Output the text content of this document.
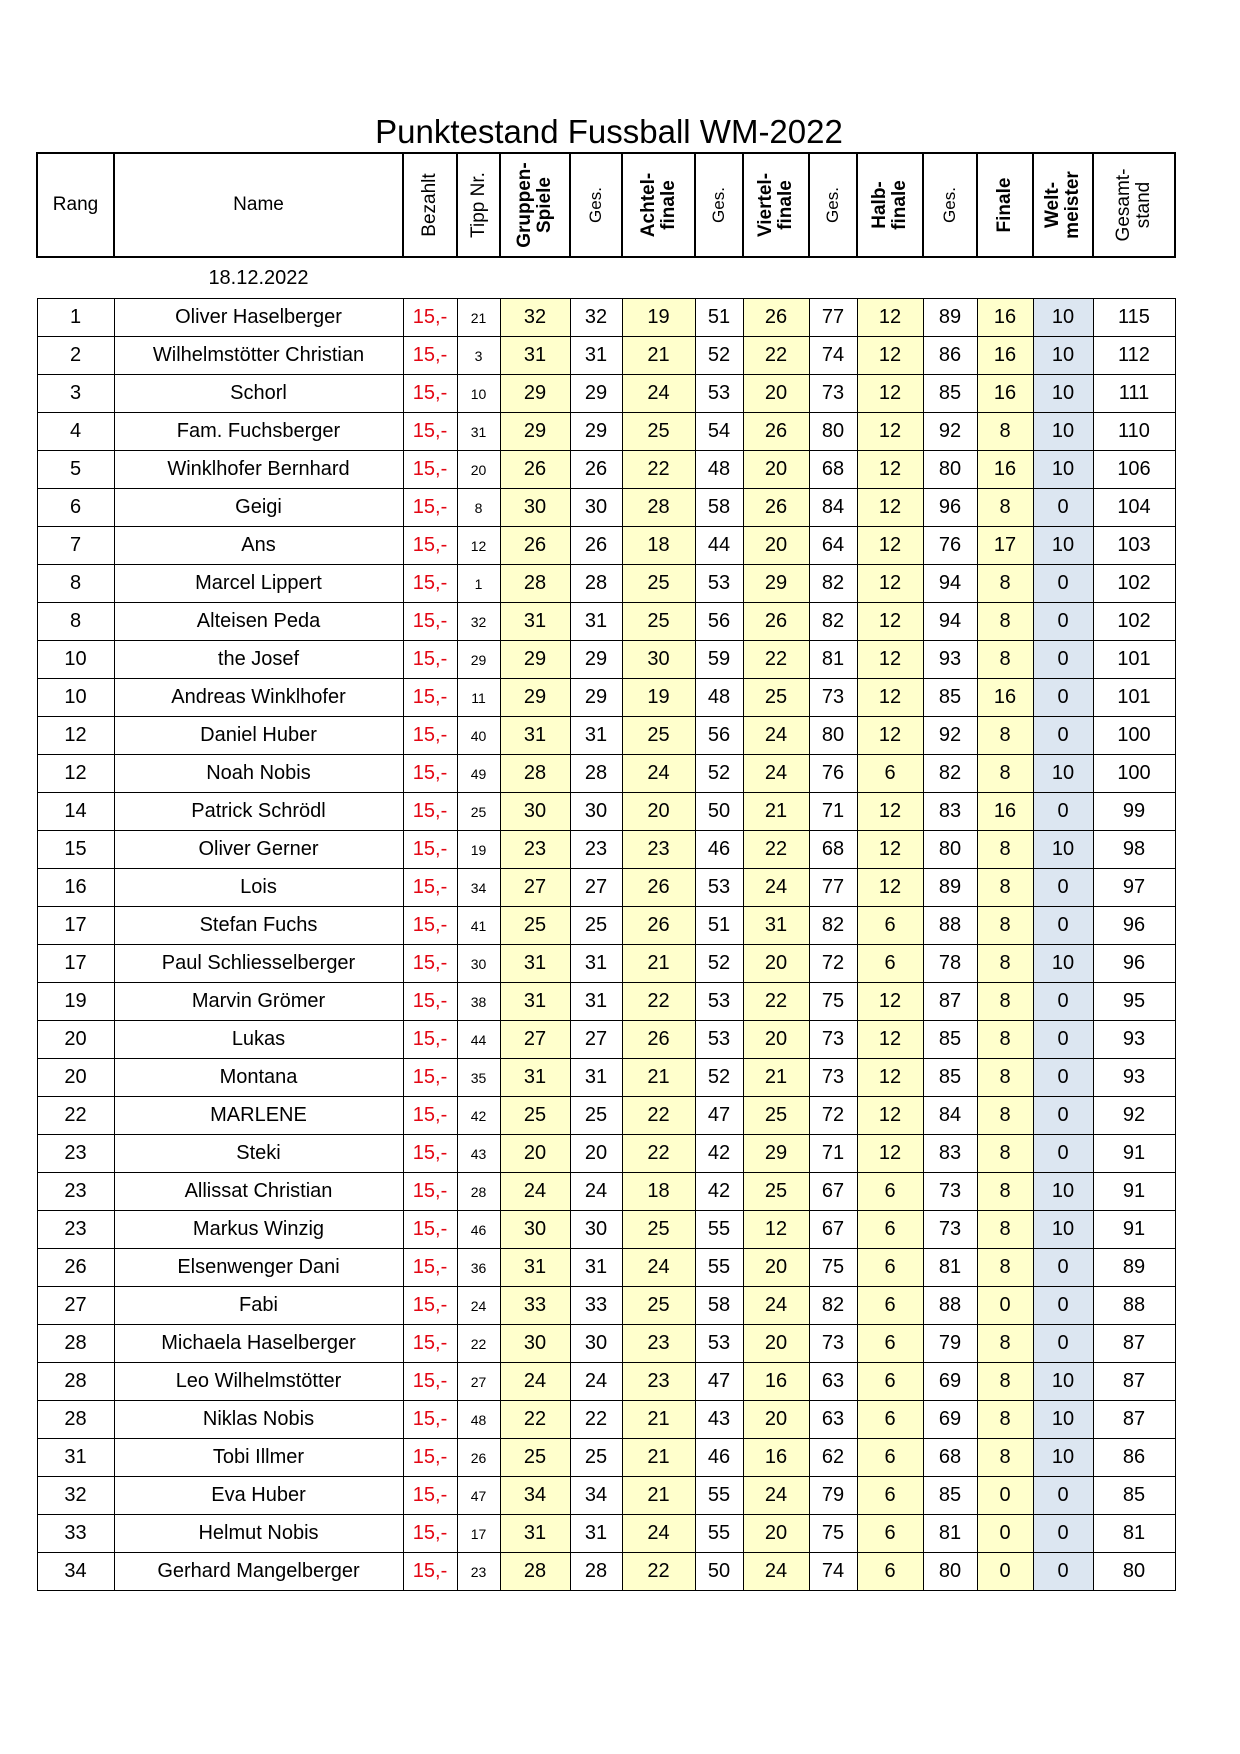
Punktestand Fussball WM-2022
Rang	Name	Bezahlt	Tipp Nr.	Gruppen-Spiele	Ges.	Achtel-finale	Ges.	Viertel-finale	Ges.	Halb-finale	Ges.	Finale	Welt-meister	Gesamt-stand

	18.12.2022													
1	Oliver Haselberger	15,-	21	32	32	19	51	26	77	12	89	16	10	115
2	Wilhelmstötter Christian	15,-	3	31	31	21	52	22	74	12	86	16	10	112
3	Schorl	15,-	10	29	29	24	53	20	73	12	85	16	10	111
4	Fam. Fuchsberger	15,-	31	29	29	25	54	26	80	12	92	8	10	110
5	Winklhofer Bernhard	15,-	20	26	26	22	48	20	68	12	80	16	10	106
6	Geigi	15,-	8	30	30	28	58	26	84	12	96	8	0	104
7	Ans	15,-	12	26	26	18	44	20	64	12	76	17	10	103
8	Marcel Lippert	15,-	1	28	28	25	53	29	82	12	94	8	0	102
8	Alteisen Peda	15,-	32	31	31	25	56	26	82	12	94	8	0	102
10	the Josef	15,-	29	29	29	30	59	22	81	12	93	8	0	101
10	Andreas Winklhofer	15,-	11	29	29	19	48	25	73	12	85	16	0	101
12	Daniel Huber	15,-	40	31	31	25	56	24	80	12	92	8	0	100
12	Noah Nobis	15,-	49	28	28	24	52	24	76	6	82	8	10	100
14	Patrick Schrödl	15,-	25	30	30	20	50	21	71	12	83	16	0	99
15	Oliver Gerner	15,-	19	23	23	23	46	22	68	12	80	8	10	98
16	Lois	15,-	34	27	27	26	53	24	77	12	89	8	0	97
17	Stefan Fuchs	15,-	41	25	25	26	51	31	82	6	88	8	0	96
17	Paul Schliesselberger	15,-	30	31	31	21	52	20	72	6	78	8	10	96
19	Marvin Grömer	15,-	38	31	31	22	53	22	75	12	87	8	0	95
20	Lukas	15,-	44	27	27	26	53	20	73	12	85	8	0	93
20	Montana	15,-	35	31	31	21	52	21	73	12	85	8	0	93
22	MARLENE	15,-	42	25	25	22	47	25	72	12	84	8	0	92
23	Steki	15,-	43	20	20	22	42	29	71	12	83	8	0	91
23	Allissat Christian	15,-	28	24	24	18	42	25	67	6	73	8	10	91
23	Markus Winzig	15,-	46	30	30	25	55	12	67	6	73	8	10	91
26	Elsenwenger Dani	15,-	36	31	31	24	55	20	75	6	81	8	0	89
27	Fabi	15,-	24	33	33	25	58	24	82	6	88	0	0	88
28	Michaela Haselberger	15,-	22	30	30	23	53	20	73	6	79	8	0	87
28	Leo Wilhelmstötter	15,-	27	24	24	23	47	16	63	6	69	8	10	87
28	Niklas Nobis	15,-	48	22	22	21	43	20	63	6	69	8	10	87
31	Tobi Illmer	15,-	26	25	25	21	46	16	62	6	68	8	10	86
32	Eva Huber	15,-	47	34	34	21	55	24	79	6	85	0	0	85
33	Helmut Nobis	15,-	17	31	31	24	55	20	75	6	81	0	0	81
34	Gerhard Mangelberger	15,-	23	28	28	22	50	24	74	6	80	0	0	80
